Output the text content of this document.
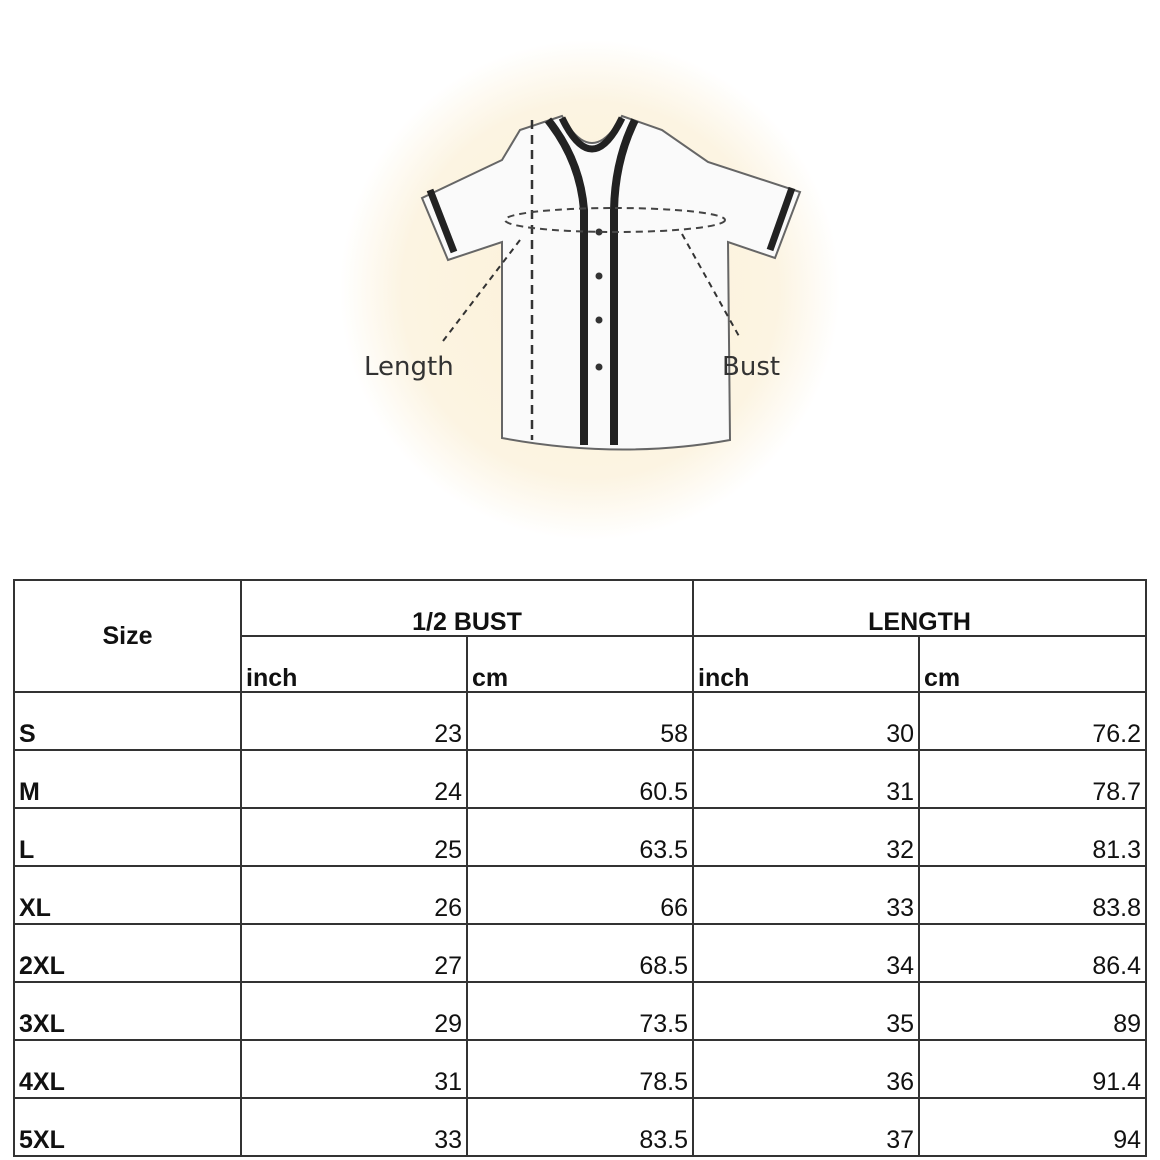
Length	Bust
Size	1/2 BUST		LENGTH	
	inch	cm	inch	cm
S	23	58	30	76.2
M	24	60.5	31	78.7
L	25	63.5	32	81.3
XL	26	66	33	83.8
2XL	27	68.5	34	86.4
3XL	29	73.5	35	89
4XL	31	78.5	36	91.4
5XL	33	83.5	37	94
